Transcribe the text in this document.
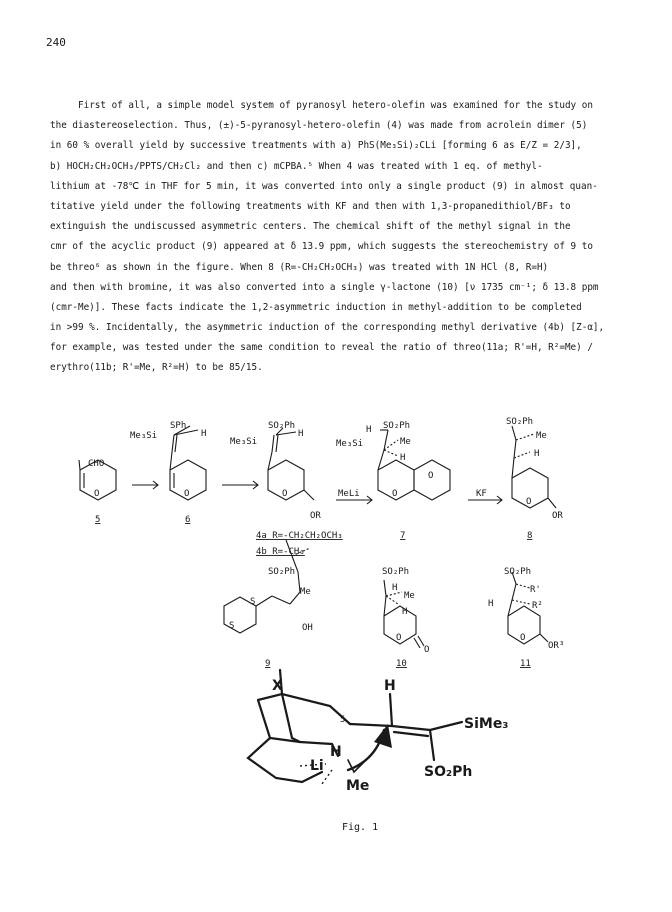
240
First of all, a simple model system of pyranosyl hetero-olefin was examined for the study on
the diastereoselection. Thus, (±)-5-pyranosyl-hetero-olefin (4) was made from acrolein dimer (5)
in 60 % overall yield by successive treatments with a) PhS(Me₃Si)₂CLi [forming 6 as E/Z = 2/3],
b) HOCH₂CH₂OCH₃/PPTS/CH₂Cl₂ and then c) mCPBA.⁵ When 4 was treated with 1 eq. of methyl-
lithium at -78℃ in THF for 5 min, it was converted into only a single product (9) in almost quan-
titative yield under the following treatments with KF and then with 1,3-propanedithiol/BF₃ to
extinguish the undiscussed asymmetric centers. The chemical shift of the methyl signal in the
cmr of the acyclic product (9) appeared at δ 13.9 ppm, which suggests the stereochemistry of 9 to
be threo⁶ as shown in the figure. When 8 (R=-CH₂CH₂OCH₃) was treated with 1N HCl (8, R=H)
and then with bromine, it was also converted into a single γ-lactone (10) [ν 1735 cm⁻¹; δ 13.8 ppm
(cmr-Me)]. These facts indicate the 1,2-asymmetric induction in methyl-addition to be completed
in >99 %. Incidentally, the asymmetric induction of the corresponding methyl derivative (4b) [Z-α],
for example, was tested under the same condition to reveal the ratio of threo(11a; R'=H, R²=Me) /
erythro(11b; R'=Me, R²=H) to be 85/15.
CHO
O
5
SPh
Me₃Si	H
O
6
SO₂Ph
Me₃Si
H
O
OR
4a R=-CH₂CH₂OCH₃
4b R=-CH₃
MeLi
SO₂Ph
H
Me
Me₃Si
H
O
O
7
KF
SO₂Ph
Me
H
O
OR
8
SO₂Ph
Me
OH
S
S
9
SO₂Ph
H
Me
H
O
O
10
SO₂Ph
R'
H	R²
O
OR³
11
X	H
5
H
Li
Me
SiMe₃
SO₂Ph
Fig. 1
